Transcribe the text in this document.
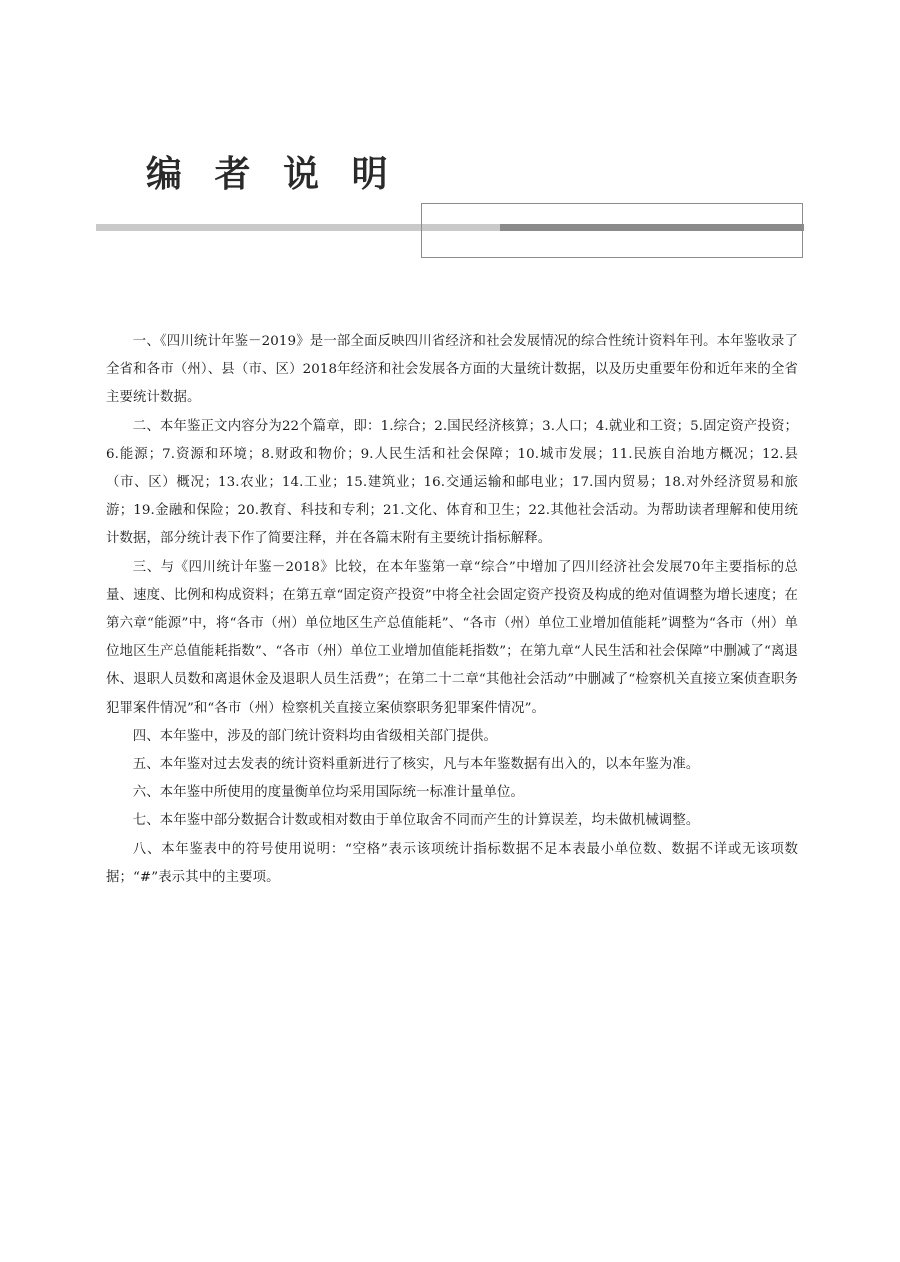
编 者 说 明

一、《四川统计年鉴－2019》是一部全面反映四川省经济和社会发展情况的综合性统计资料年刊。本年鉴收录了全省和各市（州）、县（市、区）2018年经济和社会发展各方面的大量统计数据，以及历史重要年份和近年来的全省主要统计数据。

二、本年鉴正文内容分为22个篇章，即：1.综合；2.国民经济核算；3.人口；4.就业和工资；5.固定资产投资；6.能源；7.资源和环境；8.财政和物价；9.人民生活和社会保障；10.城市发展；11.民族自治地方概况；12.县（市、区）概况；13.农业；14.工业；15.建筑业；16.交通运输和邮电业；17.国内贸易；18.对外经济贸易和旅游；19.金融和保险；20.教育、科技和专利；21.文化、体育和卫生；22.其他社会活动。为帮助读者理解和使用统计数据，部分统计表下作了简要注释，并在各篇末附有主要统计指标解释。

三、与《四川统计年鉴－2018》比较，在本年鉴第一章“综合”中增加了四川经济社会发展70年主要指标的总量、速度、比例和构成资料；在第五章“固定资产投资”中将全社会固定资产投资及构成的绝对值调整为增长速度；在第六章“能源”中，将“各市（州）单位地区生产总值能耗”、“各市（州）单位工业增加值能耗”调整为“各市（州）单位地区生产总值能耗指数”、“各市（州）单位工业增加值能耗指数”；在第九章“人民生活和社会保障”中删减了“离退休、退职人员数和离退休金及退职人员生活费”；在第二十二章“其他社会活动”中删减了“检察机关直接立案侦查职务犯罪案件情况”和“各市（州）检察机关直接立案侦察职务犯罪案件情况”。

四、本年鉴中，涉及的部门统计资料均由省级相关部门提供。

五、本年鉴对过去发表的统计资料重新进行了核实，凡与本年鉴数据有出入的，以本年鉴为准。

六、本年鉴中所使用的度量衡单位均采用国际统一标准计量单位。

七、本年鉴中部分数据合计数或相对数由于单位取舍不同而产生的计算误差，均未做机械调整。

八、本年鉴表中的符号使用说明：“空格”表示该项统计指标数据不足本表最小单位数、数据不详或无该项数据；“#”表示其中的主要项。
